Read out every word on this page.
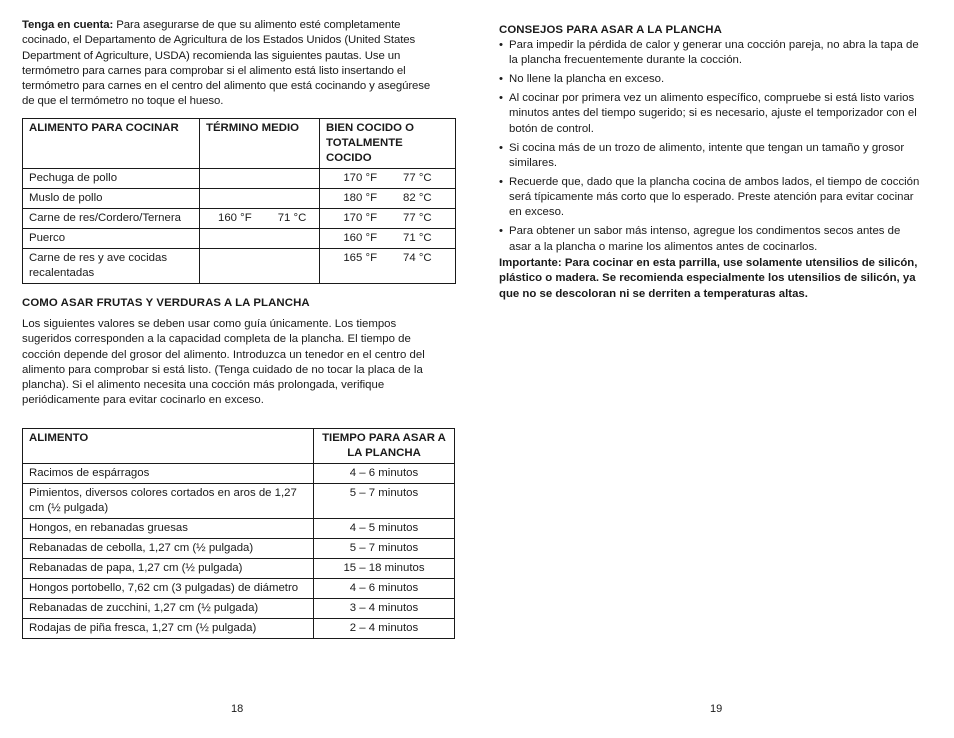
Tenga en cuenta: Para asegurarse de que su alimento esté completamente cocinado, el Departamento de Agricultura de los Estados Unidos (United States Department of Agriculture, USDA) recomienda las siguientes pautas. Use un termómetro para carnes para comprobar si el alimento está listo insertando el termómetro para carnes en el centro del alimento que está cocinando y asegúrese de que el termómetro no toque el hueso.

ALIMENTO PARA COCINAR	TÉRMINO MEDIO	BIEN COCIDO O TOTALMENTE COCIDO
Pechuga de pollo		170 °F 77 °C

Muslo de pollo		180 °F 82 °C

Carne de res/Cordero/Ternera	160 °F 71 °C	170 °F 77 °C

Puerco		160 °F 71 °C

Carne de res y ave cocidas recalentadas		165 °F 74 °C
COMO ASAR FRUTAS Y VERDURAS A LA PLANCHA

Los siguientes valores se deben usar como guía únicamente. Los tiempos sugeridos corresponden a la capacidad completa de la plancha. El tiempo de cocción depende del grosor del alimento. Introduzca un tenedor en el centro del alimento para comprobar si está listo. (Tenga cuidado de no tocar la placa de la plancha). Si el alimento necesita una cocción más prolongada, verifique periódicamente para evitar cocinarlo en exceso.

ALIMENTO	TIEMPO PARA ASAR A LA PLANCHA
Racimos de espárragos	4 – 6 minutos
Pimientos, diversos colores cortados en aros de 1,27 cm (½ pulgada)	5 – 7 minutos
Hongos, en rebanadas gruesas	4 – 5 minutos
Rebanadas de cebolla, 1,27 cm (½ pulgada)	5 – 7 minutos
Rebanadas de papa, 1,27 cm (½ pulgada)	15 – 18 minutos
Hongos portobello, 7,62 cm (3 pulgadas) de diámetro	4 – 6 minutos
Rebanadas de zucchini, 1,27 cm (½ pulgada)	3 – 4 minutos
Rodajas de piña fresca, 1,27 cm (½ pulgada)	2 – 4 minutos
18
CONSEJOS PARA ASAR A LA PLANCHA
• Para impedir la pérdida de calor y generar una cocción pareja, no abra la tapa de la plancha frecuentemente durante la cocción.
• No llene la plancha en exceso.
• Al cocinar por primera vez un alimento específico, compruebe si está listo varios minutos antes del tiempo sugerido; si es necesario, ajuste el temporizador con el botón de control.
• Si cocina más de un trozo de alimento, intente que tengan un tamaño y grosor similares.
• Recuerde que, dado que la plancha cocina de ambos lados, el tiempo de cocción será típicamente más corto que lo esperado. Preste atención para evitar cocinar en exceso.
• Para obtener un sabor más intenso, agregue los condimentos secos antes de asar a la plancha o marine los alimentos antes de cocinarlos.

Importante: Para cocinar en esta parrilla, use solamente utensilios de silicón, plástico o madera. Se recomienda especialmente los utensilios de silicón, ya que no se descoloran ni se derriten a temperaturas altas.

19
